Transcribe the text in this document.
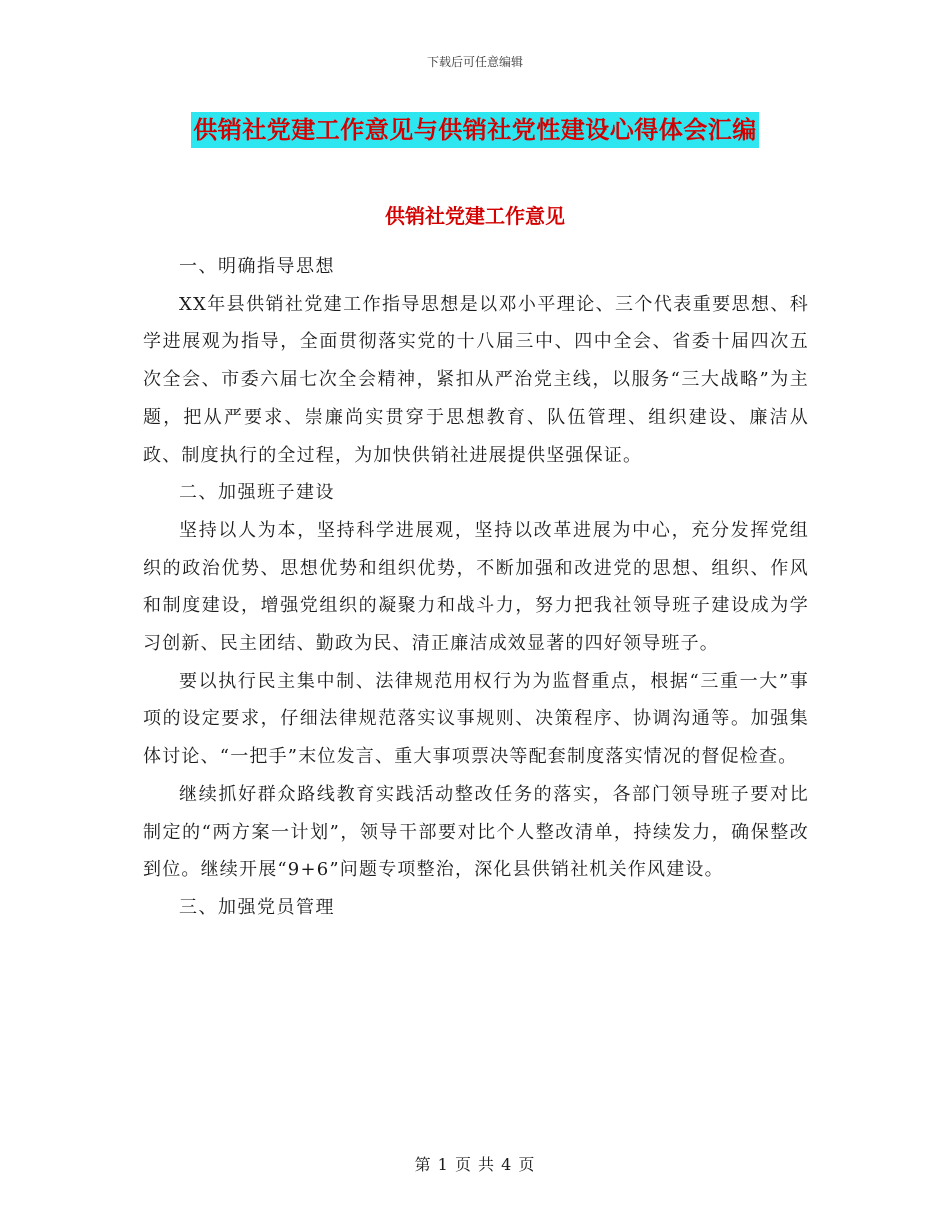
下载后可任意编辑
供销社党建工作意见与供销社党性建设心得体会汇编
供销社党建工作意见

一、明确指导思想

XX年县供销社党建工作指导思想是以邓小平理论、三个代表重要思想、科学进展观为指导，全面贯彻落实党的十八届三中、四中全会、省委十届四次五次全会、市委六届七次全会精神，紧扣从严治党主线，以服务“三大战略”为主题，把从严要求、崇廉尚实贯穿于思想教育、队伍管理、组织建设、廉洁从政、制度执行的全过程，为加快供销社进展提供坚强保证。

二、加强班子建设

坚持以人为本，坚持科学进展观，坚持以改革进展为中心，充分发挥党组织的政治优势、思想优势和组织优势，不断加强和改进党的思想、组织、作风和制度建设，增强党组织的凝聚力和战斗力，努力把我社领导班子建设成为学习创新、民主团结、勤政为民、清正廉洁成效显著的四好领导班子。

要以执行民主集中制、法律规范用权行为为监督重点，根据“三重一大”事项的设定要求，仔细法律规范落实议事规则、决策程序、协调沟通等。加强集体讨论、“一把手”末位发言、重大事项票决等配套制度落实情况的督促检查。

继续抓好群众路线教育实践活动整改任务的落实，各部门领导班子要对比制定的“两方案一计划”，领导干部要对比个人整改清单，持续发力，确保整改到位。继续开展“9+6”问题专项整治，深化县供销社机关作风建设。

三、加强党员管理

第 1 页 共 4 页
